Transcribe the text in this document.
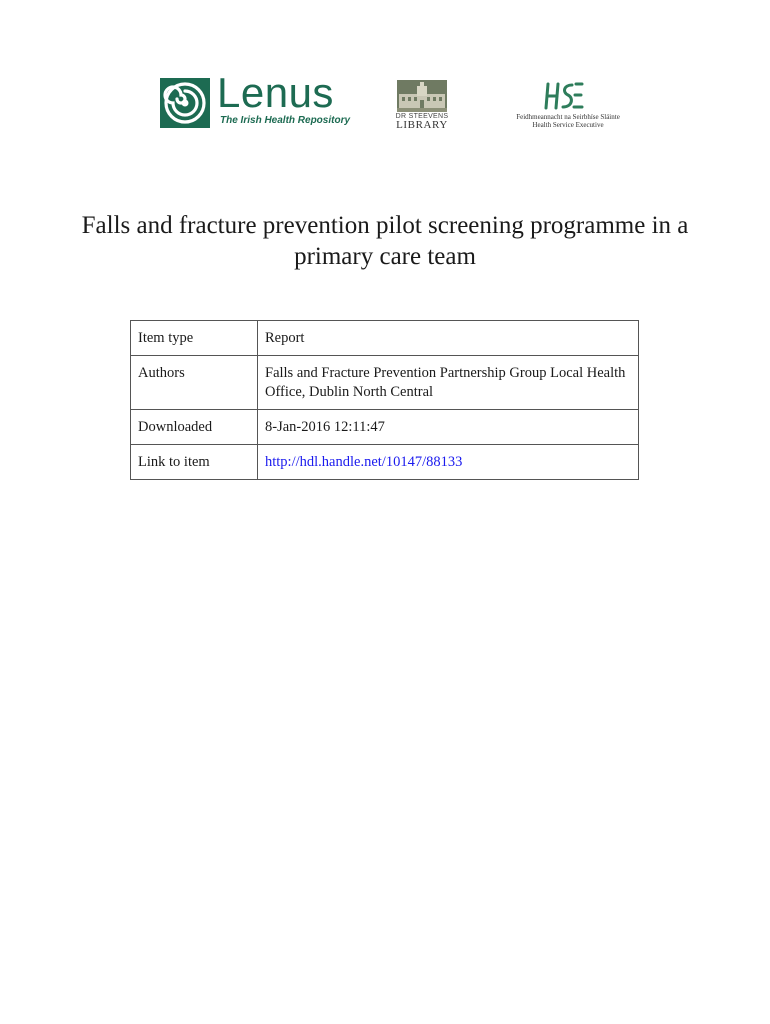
Lenus
The Irish Health Repository	DR STEEVENS
LIBRARY
Feidhmeannacht na Seirbhíse Sláinte
Health Service Executive
Falls and fracture prevention pilot screening programme in a primary care team
Item type	Report
Authors	Falls and Fracture Prevention Partnership Group Local Health Office, Dublin North Central
Downloaded	8-Jan-2016 12:11:47
Link to item	http://hdl.handle.net/10147/88133
